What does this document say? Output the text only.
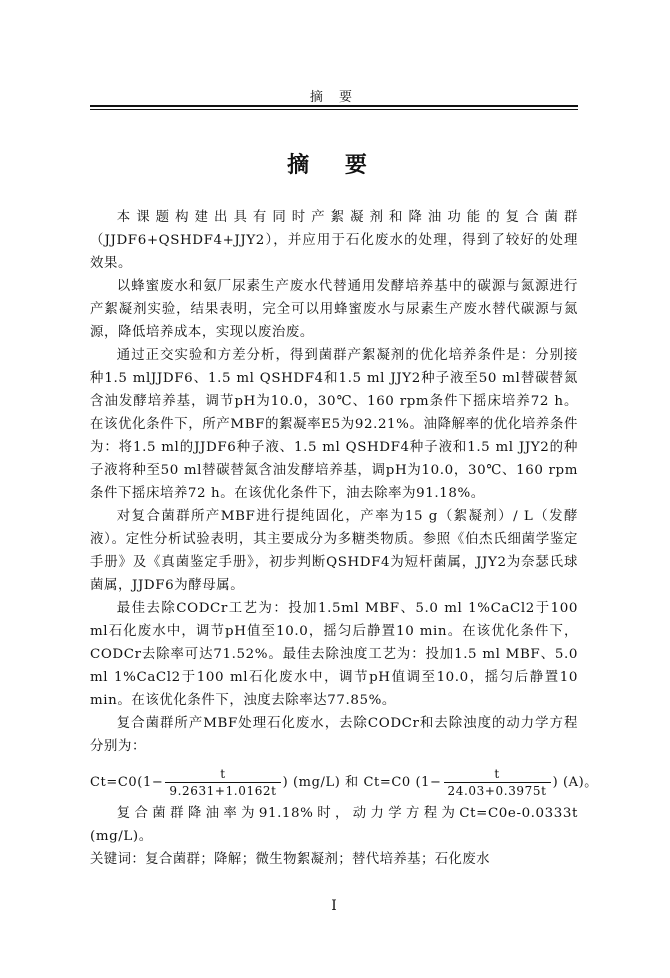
摘 要
摘 要

本课题构建出具有同时产絮凝剂和降油功能的复合菌群（JJDF6+QSHDF4+JJY2），并应用于石化废水的处理，得到了较好的处理效果。

以蜂蜜废水和氨厂尿素生产废水代替通用发酵培养基中的碳源与氮源进行产絮凝剂实验，结果表明，完全可以用蜂蜜废水与尿素生产废水替代碳源与氮源，降低培养成本，实现以废治废。

通过正交实验和方差分析，得到菌群产絮凝剂的优化培养条件是：分别接种1.5 mlJJDF6、1.5 ml QSHDF4和1.5 ml JJY2种子液至50 ml替碳替氮含油发酵培养基，调节pH为10.0，30℃、160 rpm条件下摇床培养72 h。在该优化条件下，所产MBF的絮凝率E5为92.21%。油降解率的优化培养条件为：将1.5 ml的JJDF6种子液、1.5 ml QSHDF4种子液和1.5 ml JJY2的种子液将种至50 ml替碳替氮含油发酵培养基，调pH为10.0，30℃、160 rpm条件下摇床培养72 h。在该优化条件下，油去除率为91.18%。

对复合菌群所产MBF进行提纯固化，产率为15 g（絮凝剂）/ L（发酵液）。定性分析试验表明，其主要成分为多糖类物质。参照《伯杰氏细菌学鉴定手册》及《真菌鉴定手册》，初步判断QSHDF4为短杆菌属，JJY2为奈瑟氏球菌属，JJDF6为酵母属。

最佳去除CODCr工艺为：投加1.5ml MBF、5.0 ml 1%CaCl2于100 ml石化废水中，调节pH值至10.0，摇匀后静置10 min。在该优化条件下，CODCr去除率可达71.52%。最佳去除浊度工艺为：投加1.5 ml MBF、5.0 ml 1%CaCl2于100 ml石化废水中，调节pH值调至10.0，摇匀后静置10 min。在该优化条件下，浊度去除率达77.85%。

复合菌群所产MBF处理石化废水，去除CODCr和去除浊度的动力学方程分别为：

$Ct=C0(1- \frac{t}{9.2631+1.0162t}$ ) (mg/L) 和 Ct=C0 ($1- \frac{t}{24.03+0.3975t}$ ) (A)。

复合菌群降油率为91.18%时，动力学方程为Ct=C0e-0.0333t (mg/L)。

关键词：复合菌群；降解；微生物絮凝剂；替代培养基；石化废水
I
